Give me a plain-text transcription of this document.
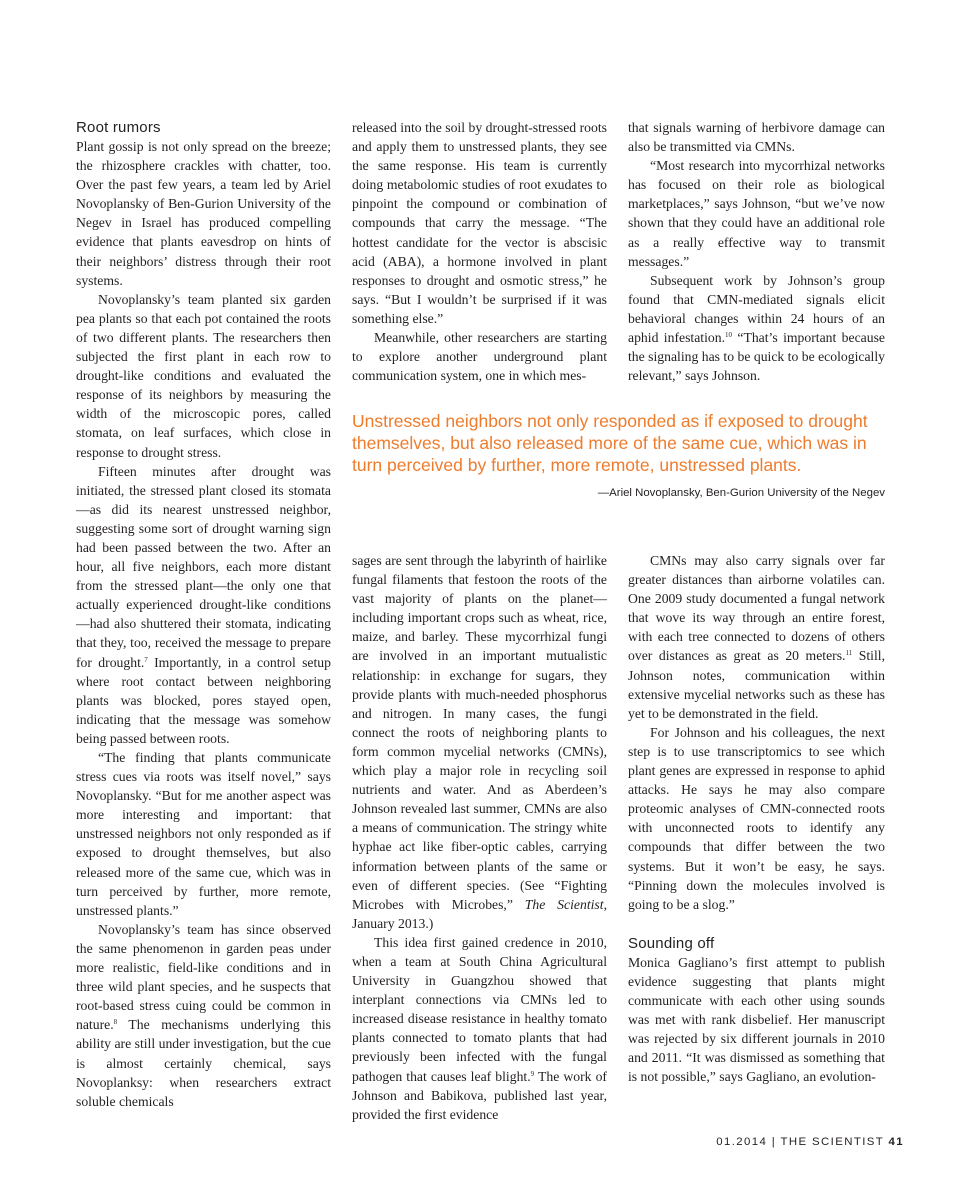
Root rumors

Plant gossip is not only spread on the breeze; the rhizosphere crackles with chatter, too. Over the past few years, a team led by Ariel Novoplansky of Ben-Gurion University of the Negev in Israel has produced compelling evidence that plants eavesdrop on hints of their neighbors’ distress through their root systems.

Novoplansky’s team planted six garden pea plants so that each pot contained the roots of two different plants. The researchers then subjected the first plant in each row to drought-like conditions and evaluated the response of its neighbors by measuring the width of the microscopic pores, called stomata, on leaf surfaces, which close in response to drought stress.

Fifteen minutes after drought was initiated, the stressed plant closed its stomata—as did its nearest unstressed neighbor, suggesting some sort of drought warning sign had been passed between the two. After an hour, all five neighbors, each more distant from the stressed plant—the only one that actually experienced drought-like conditions—had also shuttered their stomata, indicating that they, too, received the message to prepare for drought.$^7$ Importantly, in a control setup where root contact between neighboring plants was blocked, pores stayed open, indicating that the message was somehow being passed between roots.

“The finding that plants communicate stress cues via roots was itself novel,” says Novoplansky. “But for me another aspect was more interesting and important: that unstressed neighbors not only responded as if exposed to drought themselves, but also released more of the same cue, which was in turn perceived by further, more remote, unstressed plants.”

Novoplansky’s team has since observed the same phenomenon in garden peas under more realistic, field-like conditions and in three wild plant species, and he suspects that root-based stress cuing could be common in nature.$^8$ The mechanisms underlying this ability are still under investigation, but the cue is almost certainly chemical, says Novoplanksy: when researchers extract soluble chemicals

released into the soil by drought-stressed roots and apply them to unstressed plants, they see the same response. His team is currently doing metabolomic studies of root exudates to pinpoint the compound or combination of compounds that carry the message. “The hottest candidate for the vector is abscisic acid (ABA), a hormone involved in plant responses to drought and osmotic stress,” he says. “But I wouldn’t be surprised if it was something else.”

Meanwhile, other researchers are starting to explore another underground plant communication system, one in which mes-

that signals warning of herbivore damage can also be transmitted via CMNs.

“Most research into mycorrhizal networks has focused on their role as biological marketplaces,” says Johnson, “but we’ve now shown that they could have an additional role as a really effective way to transmit messages.”

Subsequent work by Johnson’s group found that CMN-mediated signals elicit behavioral changes within 24 hours of an aphid infestation.$^{10}$ “That’s important because the signaling has to be quick to be ecologically relevant,” says Johnson.

Unstressed neighbors not only responded as if exposed to drought themselves, but also released more of the same cue, which was in turn perceived by further, more remote, unstressed plants.

—Ariel Novoplansky, Ben-Gurion University of the Negev

sages are sent through the labyrinth of hairlike fungal filaments that festoon the roots of the vast majority of plants on the planet—including important crops such as wheat, rice, maize, and barley. These mycorrhizal fungi are involved in an important mutualistic relationship: in exchange for sugars, they provide plants with much-needed phosphorus and nitrogen. In many cases, the fungi connect the roots of neighboring plants to form common mycelial networks (CMNs), which play a major role in recycling soil nutrients and water. And as Aberdeen’s Johnson revealed last summer, CMNs are also a means of communication. The stringy white hyphae act like fiber-optic cables, carrying information between plants of the same or even of different species. (See “Fighting Microbes with Microbes,” The Scientist, January 2013.)

This idea first gained credence in 2010, when a team at South China Agricultural University in Guangzhou showed that interplant connections via CMNs led to increased disease resistance in healthy tomato plants connected to tomato plants that had previously been infected with the fungal pathogen that causes leaf blight.$^9$ The work of Johnson and Babikova, published last year, provided the first evidence

CMNs may also carry signals over far greater distances than airborne volatiles can. One 2009 study documented a fungal network that wove its way through an entire forest, with each tree connected to dozens of others over distances as great as 20 meters.$^{11}$ Still, Johnson notes, communication within extensive mycelial networks such as these has yet to be demonstrated in the field.

For Johnson and his colleagues, the next step is to use transcriptomics to see which plant genes are expressed in response to aphid attacks. He says he may also compare proteomic analyses of CMN-connected roots with unconnected roots to identify any compounds that differ between the two systems. But it won’t be easy, he says. “Pinning down the molecules involved is going to be a slog.”

Sounding off

Monica Gagliano’s first attempt to publish evidence suggesting that plants might communicate with each other using sounds was met with rank disbelief. Her manuscript was rejected by six different journals in 2010 and 2011. “It was dismissed as something that is not possible,” says Gagliano, an evolution-

01.2014 | THE SCIENTIST 41
